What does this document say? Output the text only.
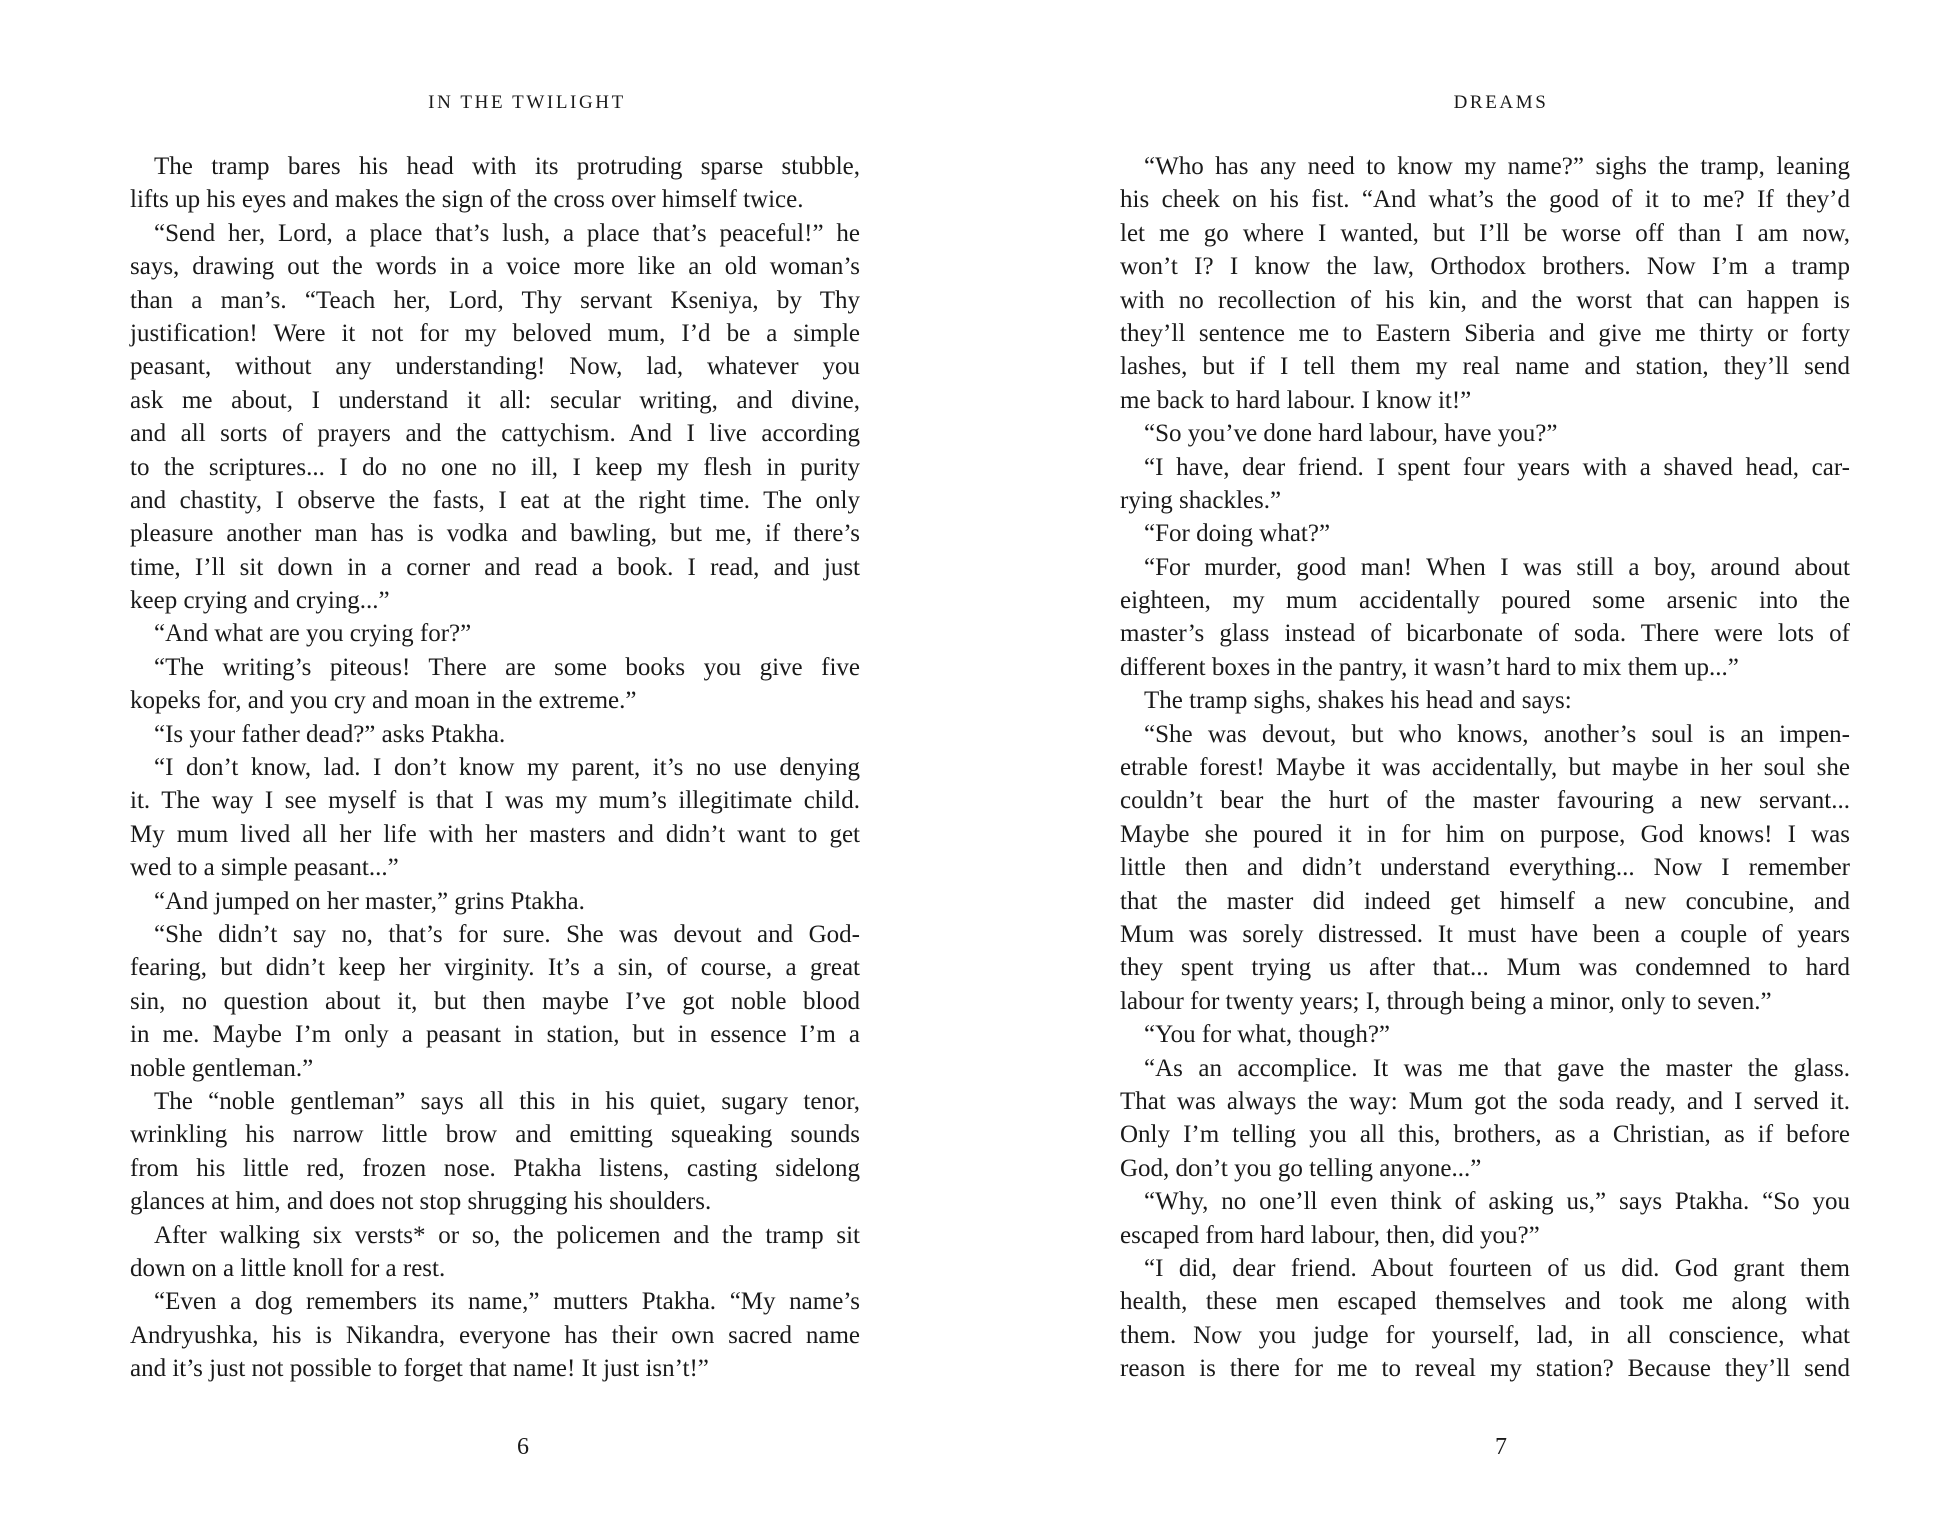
IN THE TWILIGHT
The tramp bares his head with its protruding sparse stubble,
lifts up his eyes and makes the sign of the cross over himself twice.
“Send her, Lord, a place that’s lush, a place that’s peaceful!” he
says, drawing out the words in a voice more like an old woman’s
than a man’s. “Teach her, Lord, Thy servant Kseniya, by Thy
justification! Were it not for my beloved mum, I’d be a simple
peasant, without any understanding! Now, lad, whatever you
ask me about, I understand it all: secular writing, and divine,
and all sorts of prayers and the cattychism. And I live according
to the scriptures... I do no one no ill, I keep my flesh in purity
and chastity, I observe the fasts, I eat at the right time. The only
pleasure another man has is vodka and bawling, but me, if there’s
time, I’ll sit down in a corner and read a book. I read, and just
keep crying and crying...”
“And what are you crying for?”
“The writing’s piteous! There are some books you give five
kopeks for, and you cry and moan in the extreme.”
“Is your father dead?” asks Ptakha.
“I don’t know, lad. I don’t know my parent, it’s no use denying
it. The way I see myself is that I was my mum’s illegitimate child.
My mum lived all her life with her masters and didn’t want to get
wed to a simple peasant...”
“And jumped on her master,” grins Ptakha.
“She didn’t say no, that’s for sure. She was devout and God-
fearing, but didn’t keep her virginity. It’s a sin, of course, a great
sin, no question about it, but then maybe I’ve got noble blood
in me. Maybe I’m only a peasant in station, but in essence I’m a
noble gentleman.”
The “noble gentleman” says all this in his quiet, sugary tenor,
wrinkling his narrow little brow and emitting squeaking sounds
from his little red, frozen nose. Ptakha listens, casting sidelong
glances at him, and does not stop shrugging his shoulders.
After walking six versts* or so, the policemen and the tramp sit
down on a little knoll for a rest.
“Even a dog remembers its name,” mutters Ptakha. “My name’s
Andryushka, his is Nikandra, everyone has their own sacred name
and it’s just not possible to forget that name! It just isn’t!”
6
DREAMS
“Who has any need to know my name?” sighs the tramp, leaning
his cheek on his fist. “And what’s the good of it to me? If they’d
let me go where I wanted, but I’ll be worse off than I am now,
won’t I? I know the law, Orthodox brothers. Now I’m a tramp
with no recollection of his kin, and the worst that can happen is
they’ll sentence me to Eastern Siberia and give me thirty or forty
lashes, but if I tell them my real name and station, they’ll send
me back to hard labour. I know it!”
“So you’ve done hard labour, have you?”
“I have, dear friend. I spent four years with a shaved head, car-
rying shackles.”
“For doing what?”
“For murder, good man! When I was still a boy, around about
eighteen, my mum accidentally poured some arsenic into the
master’s glass instead of bicarbonate of soda. There were lots of
different boxes in the pantry, it wasn’t hard to mix them up...”
The tramp sighs, shakes his head and says:
“She was devout, but who knows, another’s soul is an impen-
etrable forest! Maybe it was accidentally, but maybe in her soul she
couldn’t bear the hurt of the master favouring a new servant...
Maybe she poured it in for him on purpose, God knows! I was
little then and didn’t understand everything... Now I remember
that the master did indeed get himself a new concubine, and
Mum was sorely distressed. It must have been a couple of years
they spent trying us after that... Mum was condemned to hard
labour for twenty years; I, through being a minor, only to seven.”
“You for what, though?”
“As an accomplice. It was me that gave the master the glass.
That was always the way: Mum got the soda ready, and I served it.
Only I’m telling you all this, brothers, as a Christian, as if before
God, don’t you go telling anyone...”
“Why, no one’ll even think of asking us,” says Ptakha. “So you
escaped from hard labour, then, did you?”
“I did, dear friend. About fourteen of us did. God grant them
health, these men escaped themselves and took me along with
them. Now you judge for yourself, lad, in all conscience, what
reason is there for me to reveal my station? Because they’ll send
7
